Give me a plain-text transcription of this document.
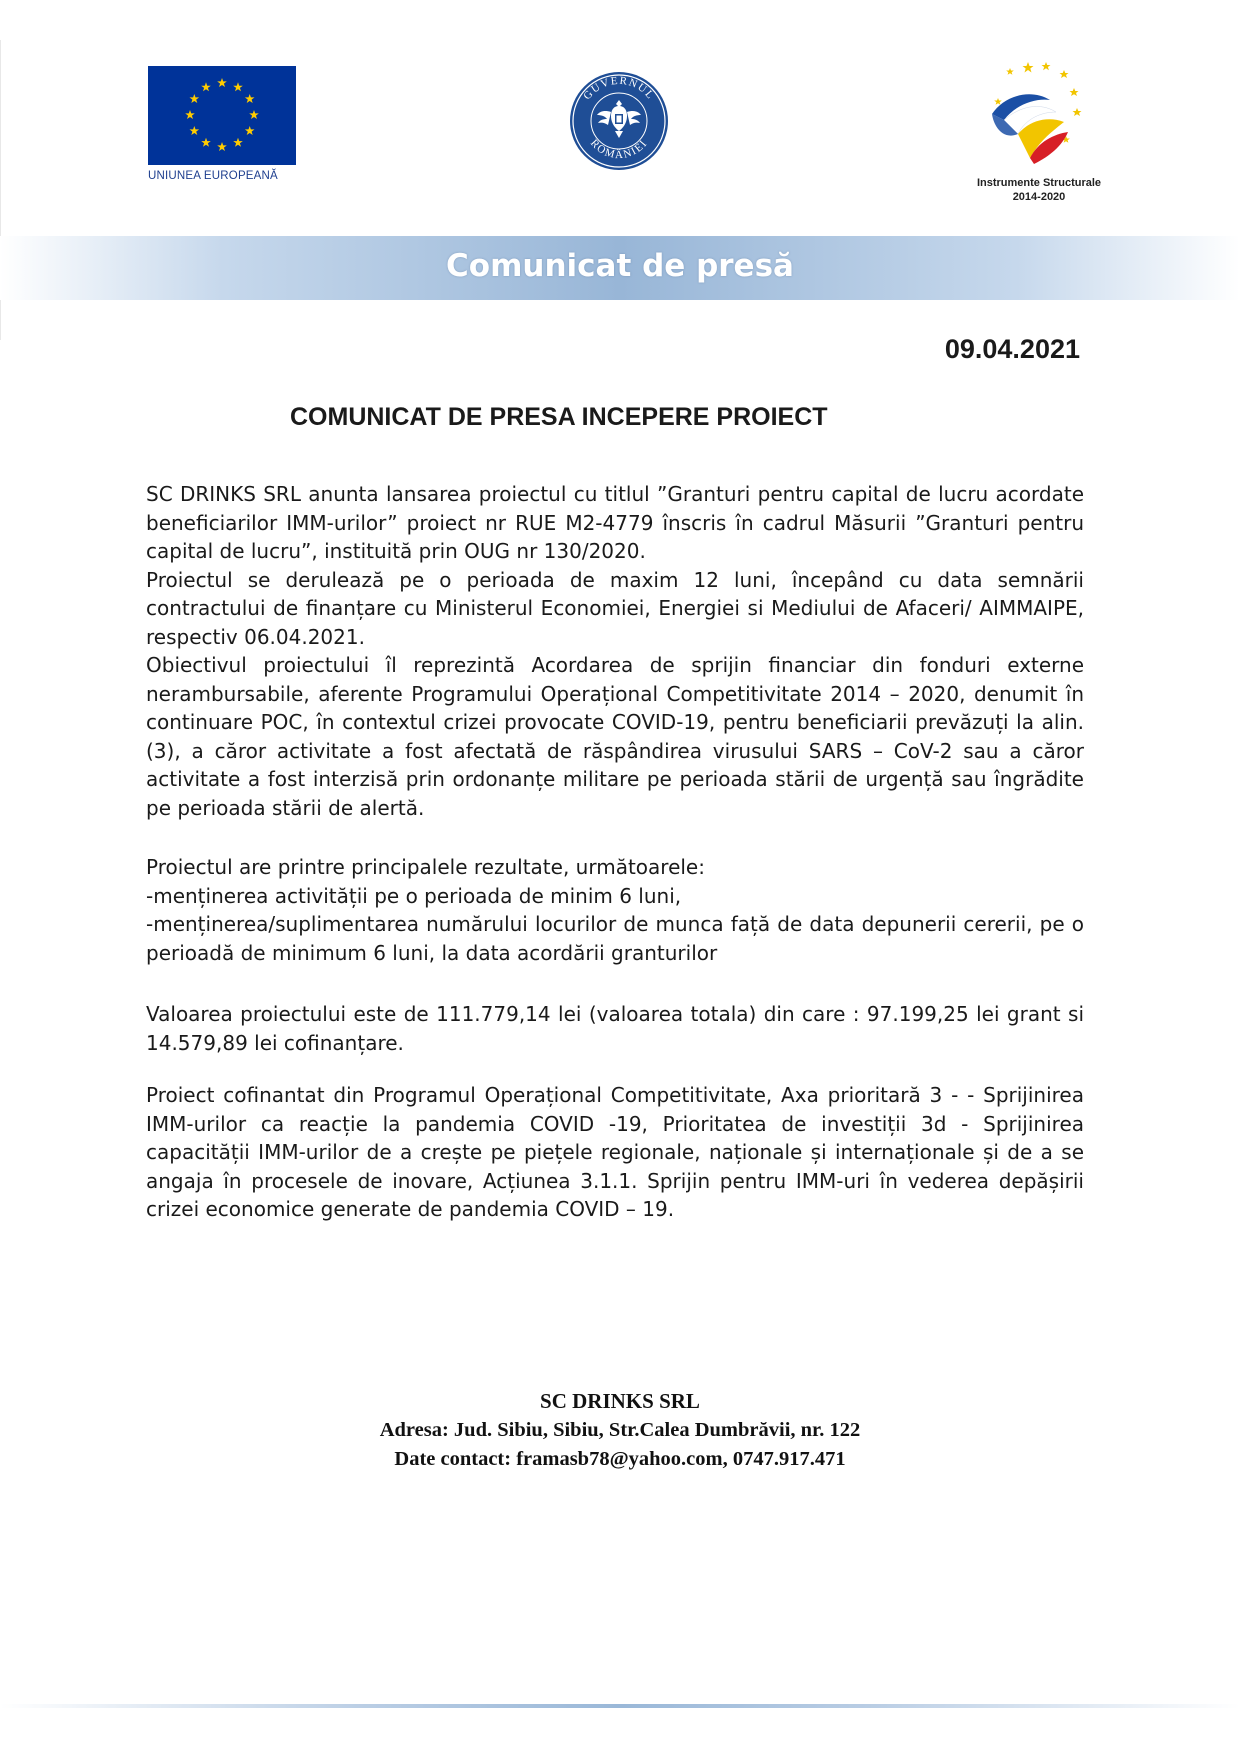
UNIUNEA EUROPEANĂ
GUVERNUL
ROMÂNIEI
Instrumente Structurale
2014-2020
Comunicat de presă
09.04.2021
COMUNICAT DE PRESA INCEPERE PROIECT

SC DRINKS SRL anunta lansarea proiectul cu titlul ”Granturi pentru capital de lucru acordate beneficiarilor IMM-urilor” proiect nr RUE M2-4779 înscris în cadrul Măsurii ”Granturi pentru capital de lucru”, instituită prin OUG nr 130/2020.

Proiectul se derulează pe o perioada de maxim 12 luni, începând cu data semnării contractului de finanțare cu Ministerul Economiei, Energiei si Mediului de Afaceri/ AIMMAIPE, respectiv 06.04.2021.

Obiectivul proiectului îl reprezintă Acordarea de sprijin financiar din fonduri externe nerambursabile, aferente Programului Operațional Competitivitate 2014 – 2020, denumit în continuare POC, în contextul crizei provocate COVID-19, pentru beneficiarii prevăzuți la alin. (3), a căror activitate a fost afectată de răspândirea virusului SARS – CoV-2 sau a căror activitate a fost interzisă prin ordonanțe militare pe perioada stării de urgență sau îngrădite pe perioada stării de alertă.

Proiectul are printre principalele rezultate, următoarele:

-menținerea activității pe o perioada de minim 6 luni,

-menținerea/suplimentarea numărului locurilor de munca față de data depunerii cererii, pe o perioadă de minimum 6 luni, la data acordării granturilor

Valoarea proiectului este de 111.779,14 lei (valoarea totala) din care : 97.199,25 lei grant si 14.579,89 lei cofinanțare.

Proiect cofinantat din Programul Operațional Competitivitate, Axa prioritară 3 - - Sprijinirea IMM-urilor ca reacție la pandemia COVID -19, Prioritatea de investiții 3d - Sprijinirea capacității IMM-urilor de a crește pe piețele regionale, naționale și internaționale și de a se angaja în procesele de inovare, Acțiunea 3.1.1. Sprijin pentru IMM-uri în vederea depășirii crizei economice generate de pandemia COVID – 19.

SC DRINKS SRL
Adresa: Jud. Sibiu, Sibiu, Str.Calea Dumbrăvii, nr. 122
Date contact: framasb78@yahoo.com, 0747.917.471
